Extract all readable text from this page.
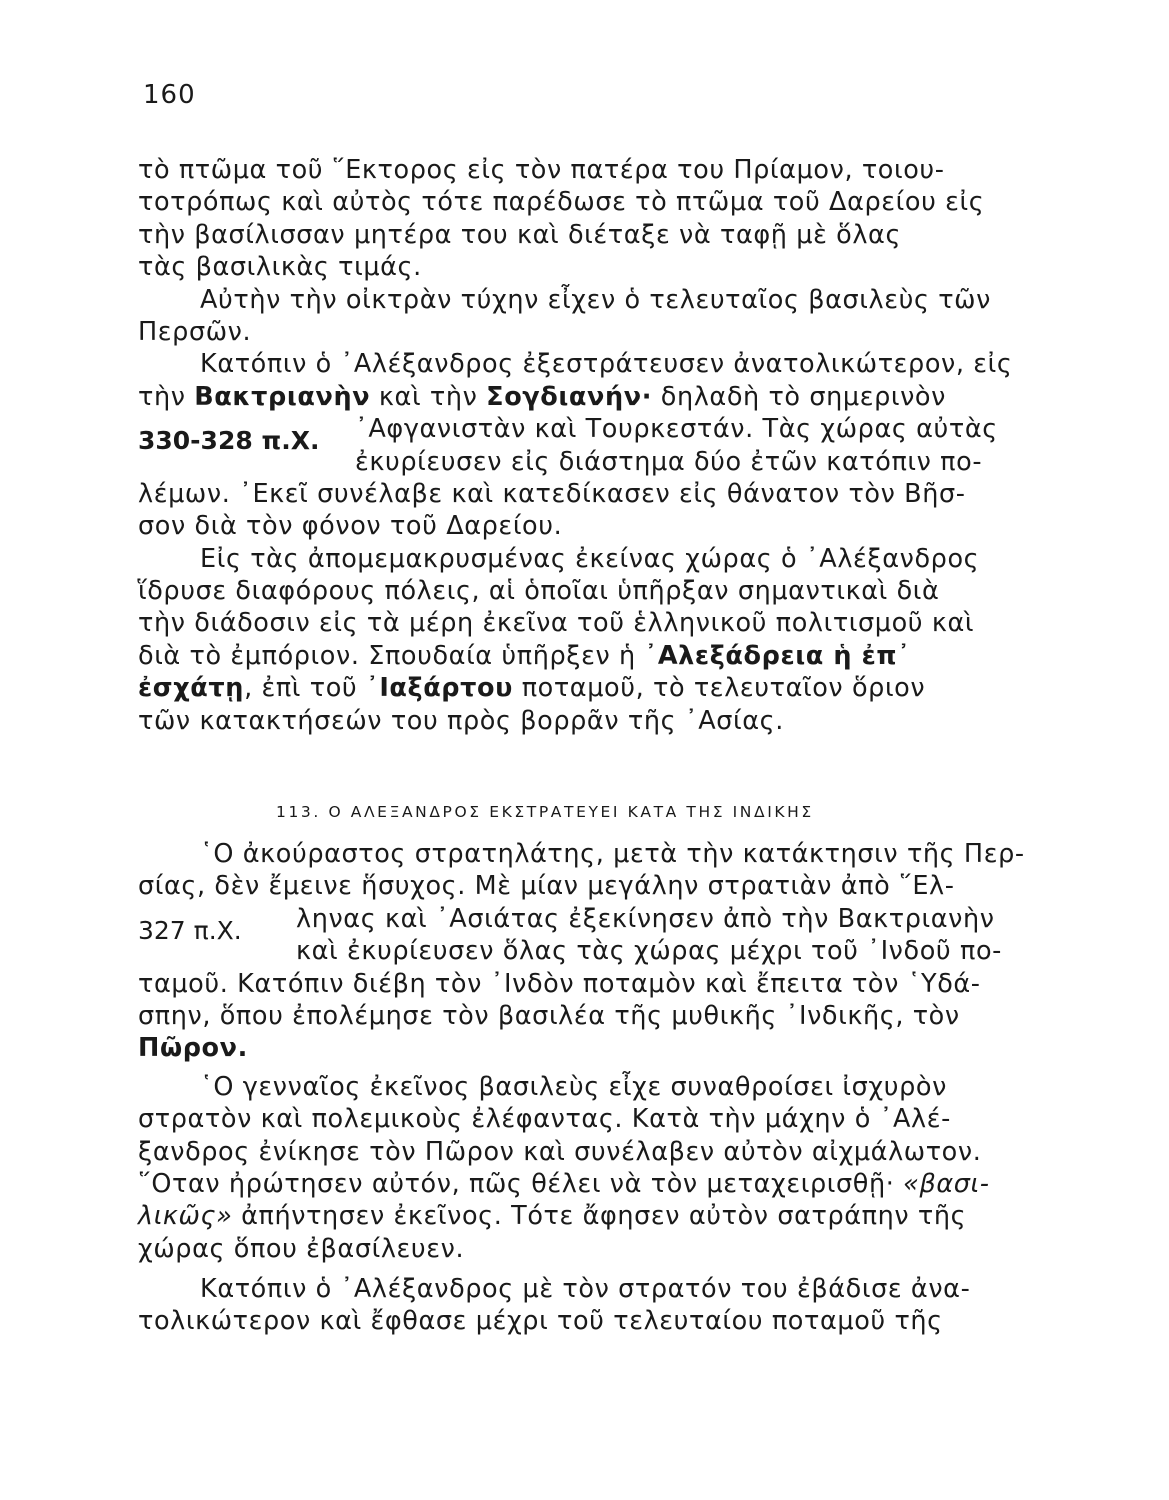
160
τὸ πτῶμα τοῦ ῞Εκτορος εἰς τὸν πατέρα του Πρίαμον, τοιου-
τοτρόπως καὶ αὐτὸς τότε παρέδωσε τὸ πτῶμα τοῦ Δαρείου εἰς
τὴν βασίλισσαν μητέρα του καὶ διέταξε νὰ ταφῇ μὲ ὅλας
τὰς βασιλικὰς τιμάς.
Αὐτὴν τὴν οἰκτρὰν τύχην εἶχεν ὁ τελευταῖος βασιλεὺς τῶν
Περσῶν.
Κατόπιν ὁ ᾿Αλέξανδρος ἐξεστράτευσεν ἀνατολικώτερον, εἰς
τὴν Βακτριανὴν καὶ τὴν Σογδιανήν· δηλαδὴ τὸ σημερινὸν
330-328 π.Χ. ᾿Αφγανιστὰν καὶ Τουρκεστάν. Τὰς χώρας αὐτὰς
ἐκυρίευσεν εἰς διάστημα δύο ἐτῶν κατόπιν πο-
λέμων. ᾿Εκεῖ συνέλαβε καὶ κατεδίκασεν εἰς θάνατον τὸν Βῆσ-
σον διὰ τὸν φόνον τοῦ Δαρείου.
Εἰς τὰς ἀπομεμακρυσμένας ἐκείνας χώρας ὁ ᾿Αλέξανδρος
ἵδρυσε διαφόρους πόλεις, αἱ ὁποῖαι ὑπῆρξαν σημαντικαὶ διὰ
τὴν διάδοσιν εἰς τὰ μέρη ἐκεῖνα τοῦ ἑλληνικοῦ πολιτισμοῦ καὶ
διὰ τὸ ἐμπόριον. Σπουδαία ὑπῆρξεν ἡ ᾿Αλεξάδρεια ἡ ἐπ᾿
ἐσχάτῃ, ἐπὶ τοῦ ᾿Ιαξάρτου ποταμοῦ, τὸ τελευταῖον ὅριον
τῶν κατακτήσεών του πρὸς βορρᾶν τῆς ᾿Ασίας.
113. Ο ΑΛΕΞΑΝΔΡΟΣ ΕΚΣΤΡΑΤΕΥΕΙ ΚΑΤΑ ΤΗΣ ΙΝΔΙΚΗΣ
῾Ο ἀκούραστος στρατηλάτης, μετὰ τὴν κατάκτησιν τῆς Περ-
σίας, δὲν ἔμεινε ἥσυχος. Μὲ μίαν μεγάλην στρατιὰν ἀπὸ ῞Ελ-
327 π.Χ. ληνας καὶ ᾿Ασιάτας ἐξεκίνησεν ἀπὸ τὴν Βακτριανὴν
καὶ ἐκυρίευσεν ὅλας τὰς χώρας μέχρι τοῦ ᾿Ινδοῦ πο-
ταμοῦ. Κατόπιν διέβη τὸν ᾿Ινδὸν ποταμὸν καὶ ἔπειτα τὸν ῾Υδά-
σπην, ὅπου ἐπολέμησε τὸν βασιλέα τῆς μυθικῆς ᾿Ινδικῆς, τὸν
Πῶρον.
῾Ο γενναῖος ἐκεῖνος βασιλεὺς εἶχε συναθροίσει ἰσχυρὸν
στρατὸν καὶ πολεμικοὺς ἐλέφαντας. Κατὰ τὴν μάχην ὁ ᾿Αλέ-
ξανδρος ἐνίκησε τὸν Πῶρον καὶ συνέλαβεν αὐτὸν αἰχμάλωτον.
῞Οταν ἠρώτησεν αὐτόν, πῶς θέλει νὰ τὸν μεταχειρισθῇ· «βασι-
λικῶς» ἀπήντησεν ἐκεῖνος. Τότε ἄφησεν αὐτὸν σατράπην τῆς
χώρας ὅπου ἐβασίλευεν.
Κατόπιν ὁ ᾿Αλέξανδρος μὲ τὸν στρατόν του ἐβάδισε ἀνα-
τολικώτερον καὶ ἔφθασε μέχρι τοῦ τελευταίου ποταμοῦ τῆς
